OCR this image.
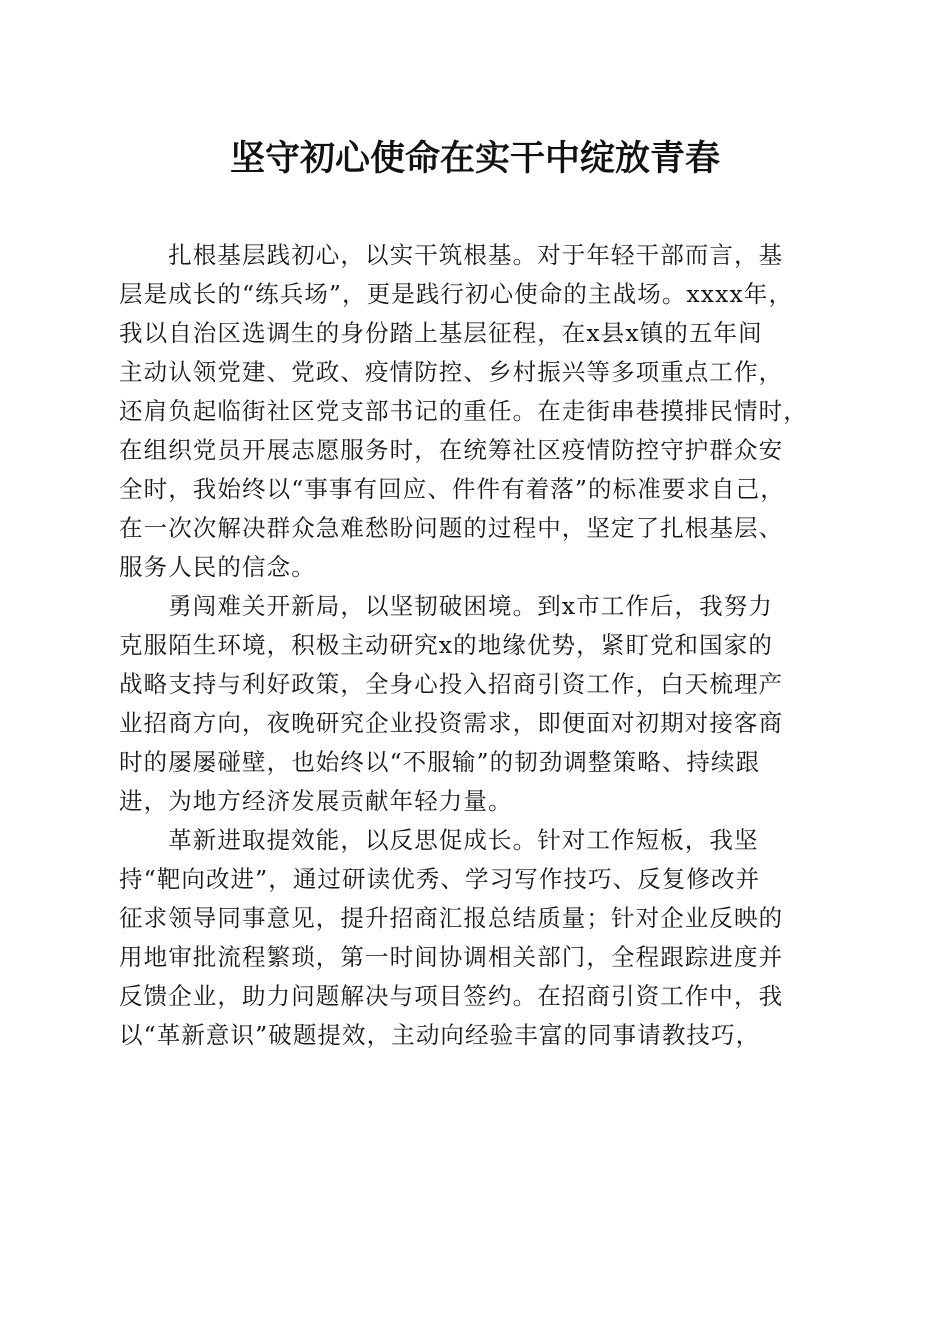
坚守初心使命在实干中绽放青春
　　扎根基层践初心，以实干筑根基。对于年轻干部而言，基
层是成长的“练兵场”，更是践行初心使命的主战场。xxxx年，
我以自治区选调生的身份踏上基层征程，在x县x镇的五年间
主动认领党建、党政、疫情防控、乡村振兴等多项重点工作，
还肩负起临街社区党支部书记的重任。在走街串巷摸排民情时，
在组织党员开展志愿服务时，在统筹社区疫情防控守护群众安
全时，我始终以“事事有回应、件件有着落”的标准要求自己，
在一次次解决群众急难愁盼问题的过程中，坚定了扎根基层、
服务人民的信念。
　　勇闯难关开新局，以坚韧破困境。到x市工作后，我努力
克服陌生环境，积极主动研究x的地缘优势，紧盯党和国家的
战略支持与利好政策，全身心投入招商引资工作，白天梳理产
业招商方向，夜晚研究企业投资需求，即便面对初期对接客商
时的屡屡碰壁，也始终以“不服输”的韧劲调整策略、持续跟
进，为地方经济发展贡献年轻力量。
　　革新进取提效能，以反思促成长。针对工作短板，我坚
持“靶向改进”，通过研读优秀、学习写作技巧、反复修改并
征求领导同事意见，提升招商汇报总结质量；针对企业反映的
用地审批流程繁琐，第一时间协调相关部门，全程跟踪进度并
反馈企业，助力问题解决与项目签约。在招商引资工作中，我
以“革新意识”破题提效，主动向经验丰富的同事请教技巧，
